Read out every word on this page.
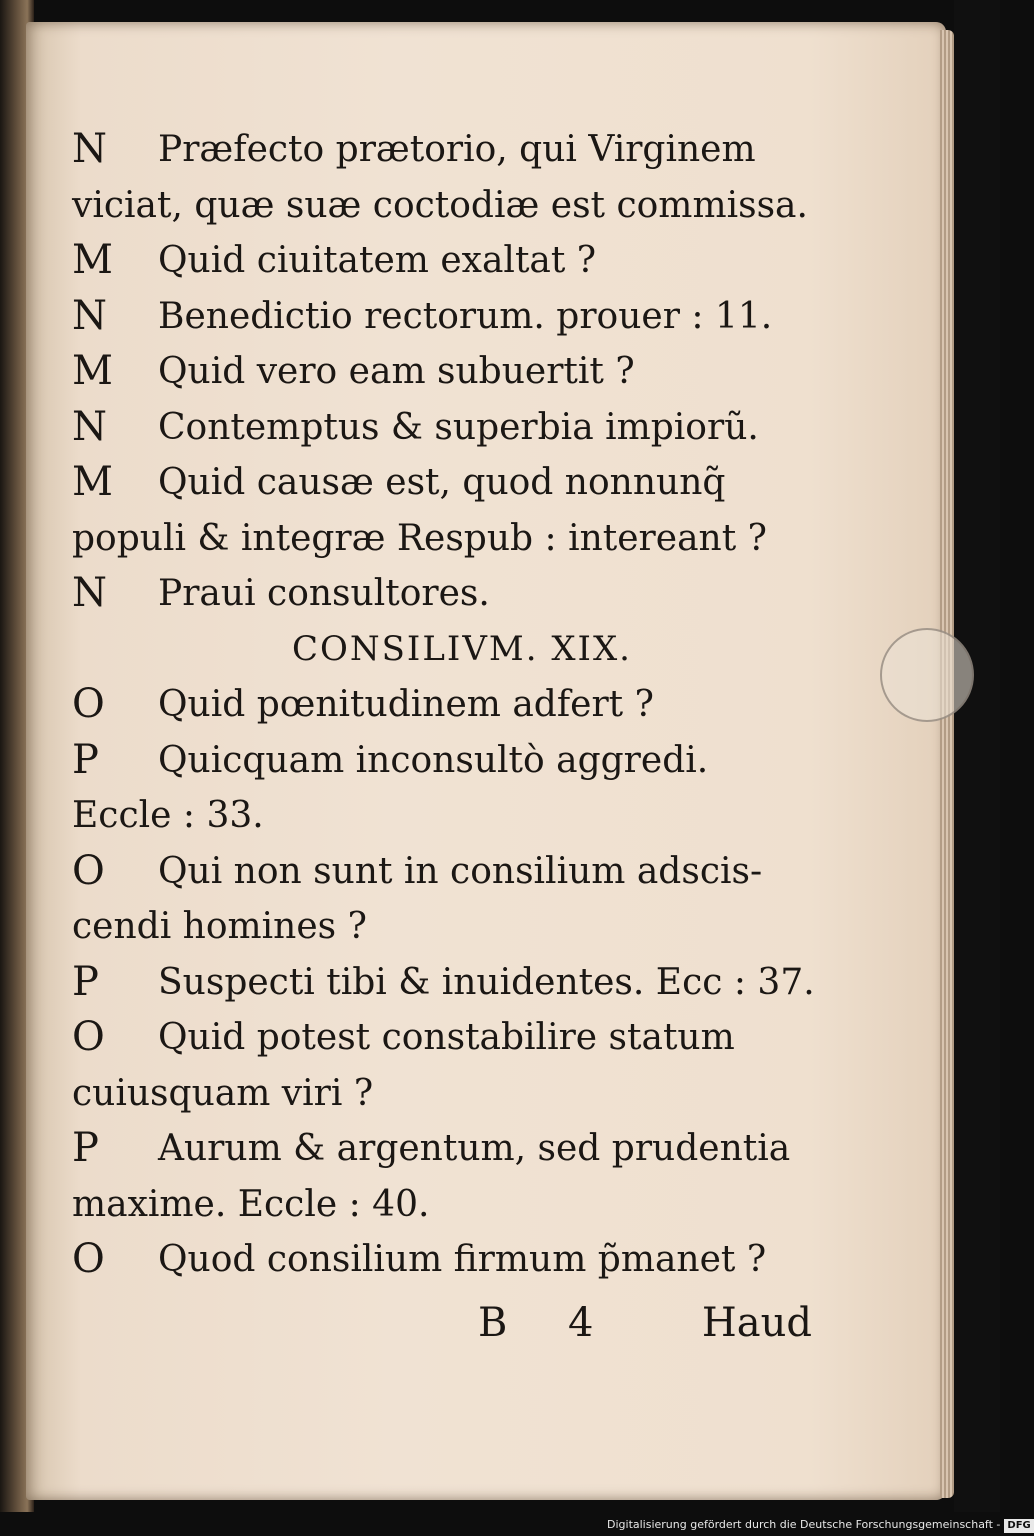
N	Præfecto prætorio, qui Virginem
viciat, quæ suæ coctodiæ est commissa.
M	Quid ciuitatem exaltat ?
N	Benedictio rectorum. prouer : 11.
M	Quid vero eam subuertit ?
N	Contemptus & superbia impiorũ.
M	Quid causæ est, quod nonnunq̃
populi & integræ Respub : intereant ?
N	Praui consultores.
CONSILIVM. XIX.
O	Quid pœnitudinem adfert ?
P	Quicquam inconsultò aggredi.
Eccle : 33.
O	Qui non sunt in consilium adscis-
cendi homines ?
P	Suspecti tibi & inuidentes. Ecc : 37.
O	Quid potest constabilire statum
cuiusquam viri ?
P	Aurum & argentum, sed prudentia
maxime. Eccle : 40.
O	Quod consilium firmum p̃manet ?
B 4	Haud
Digitalisierung gefördert durch die Deutsche Forschungsgemeinschaft - DFG
